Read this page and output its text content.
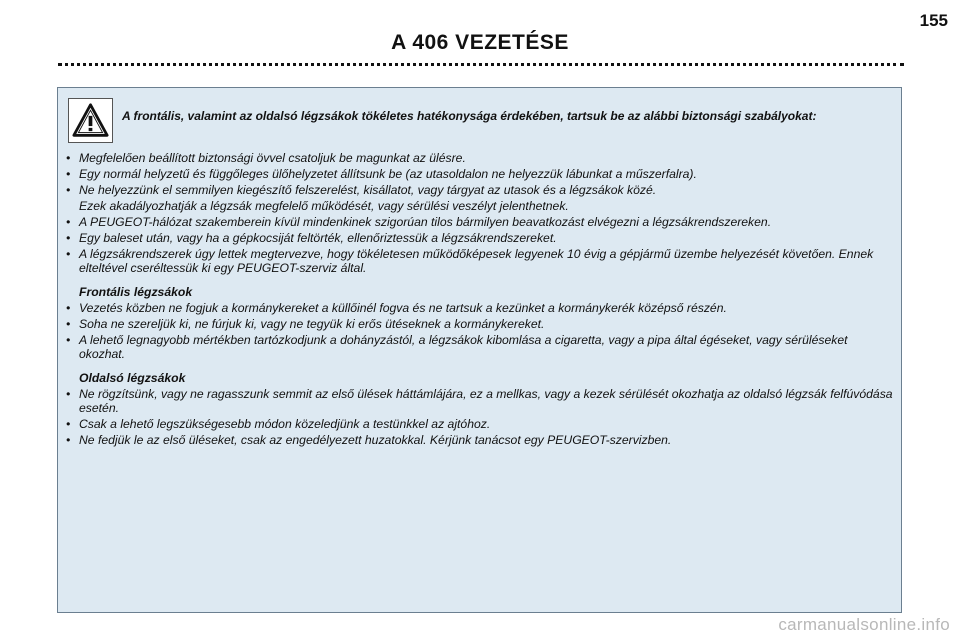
155
A 406 VEZETÉSE

A frontális, valamint az oldalsó légzsákok tökéletes hatékonysága érdekében, tartsuk be az alábbi biztonsági szabályokat:

• Megfelelően beállított biztonsági övvel csatoljuk be magunkat az ülésre.
• Egy normál helyzetű és függőleges ülőhelyzetet állítsunk be (az utasoldalon ne helyezzük lábunkat a műszerfalra).
• Ne helyezzünk el semmilyen kiegészítő felszerelést, kisállatot, vagy tárgyat az utasok és a légzsákok közé.

Ezek akadályozhatják a légzsák megfelelő működését, vagy sérülési veszélyt jelenthetnek.

• A PEUGEOT-hálózat szakemberein kívül mindenkinek szigorúan tilos bármilyen beavatkozást elvégezni a légzsákrendszereken.
• Egy baleset után, vagy ha a gépkocsiját feltörték, ellenőriztessük a légzsákrendszereket.
• A légzsákrendszerek úgy lettek megtervezve, hogy tökéletesen működőképesek legyenek 10 évig a gépjármű üzembe helyezését követően. Ennek elteltével cseréltessük ki egy PEUGEOT-szerviz által.
Frontális légzsákok
• Vezetés közben ne fogjuk a kormánykereket a küllőinél fogva és ne tartsuk a kezünket a kormánykerék középső részén.
• Soha ne szereljük ki, ne fúrjuk ki, vagy ne tegyük ki erős ütéseknek a kormánykereket.
• A lehető legnagyobb mértékben tartózkodjunk a dohányzástól, a légzsákok kibomlása a cigaretta, vagy a pipa által égéseket, vagy sérüléseket okozhat.
Oldalsó légzsákok
• Ne rögzítsünk, vagy ne ragasszunk semmit az első ülések háttámlájára, ez a mellkas, vagy a kezek sérülését okozhatja az oldalsó légzsák felfúvódása esetén.
• Csak a lehető legszükségesebb módon közeledjünk a testünkkel az ajtóhoz.
• Ne fedjük le az első üléseket, csak az engedélyezett huzatokkal. Kérjünk tanácsot egy PEUGEOT-szervizben.
carmanualsonline.info
